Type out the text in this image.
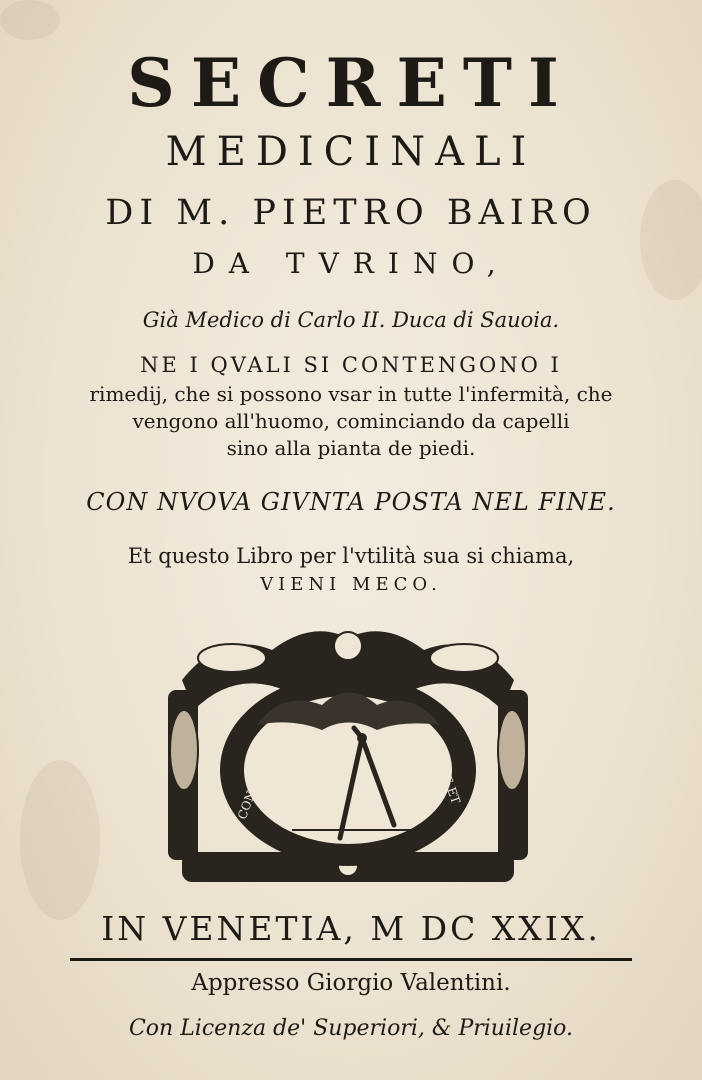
SECRETI
MEDICINALI
DI M. PIETRO BAIRO
DA TVRINO,
Già Medico di Carlo II. Duca di Sauoia.
NE I QVALI SI CONTENGONO I
rimedij, che si possono vsar in tutte l'infermità, che
vengono all'huomo, cominciando da capelli
sino alla pianta de piedi.
CON NVOVA GIVNTA POSTA NEL FINE.
Et questo Libro per l'vtilità sua si chiama,
VIENI MECO.
CONSTANTIA	LABORE ET
IN VENETIA, M DC XXIX.
Appresso Giorgio Valentini.
Con Licenza de' Superiori, & Priuilegio.
